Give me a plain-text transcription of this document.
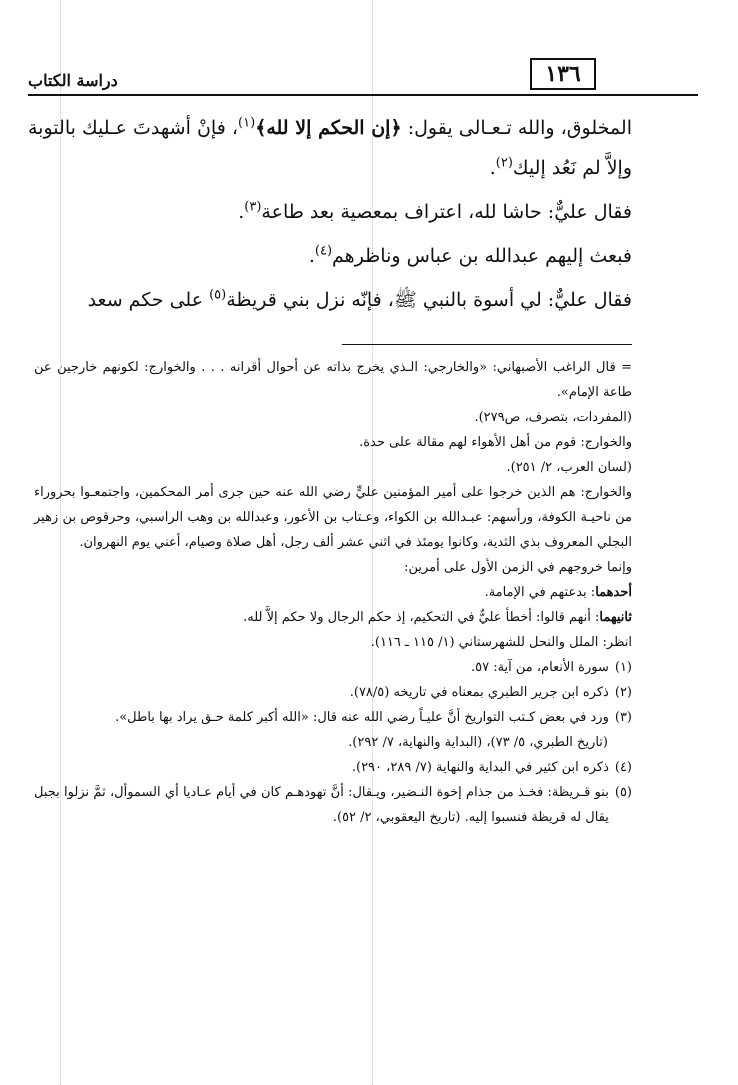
١٣٦
دراسة الكتاب

المخلوق، والله تـعـالى يقول: ﴿إن الحكم إلا لله﴾$^{(١)}$، فإنْ أشهدتَ عـليك بالتوبة وإلاَّ لم نَعُد إليك$^{(٢)}$.

فقال عليٌّ: حاشا لله، اعتراف بمعصية بعد طاعة$^{(٣)}$.

فبعث إليهم عبدالله بن عباس وناظرهم$^{(٤)}$.

فقال عليٌّ: لي أسوة بالنبي ﷺ، فإنّه نزل بني قريظة$^{(٥)}$ على حكم سعد

= قال الراغب الأصبهاني: «والخارجي: الـذي يخرج بذاته عن أحوال أقرانه . . . والخوارج: لكونهم خارجين عن طاعة الإمام».

(المفردات، بتصرف، ص٢٧٩).

والخوارج: قوم من أهل الأهواء لهم مقالة على حدة.

(لسان العرب، ٢/ ٢٥١).

والخوارج: هم الذين خرجوا على أمير المؤمنين عليٍّ رضي الله عنه حين جرى أمر المحكمين، واجتمعـوا بحروراء من ناحيـة الكوفة، ورأسهم: عبـدالله بن الكواء، وعـتاب بن الأعور، وعبدالله بن وهب الراسبي، وحرقوص بن زهير البجلي المعروف بذي الثدية، وكانوا يومئذ في اثني عشر ألف رجل، أهل صلاة وصيام، أعني يوم النهروان.

وإنما خروجهم في الزمن الأول على أمرين:

أحدهما: بدعتهم في الإمامة.

ثانيهما: أنهم قالوا: أخطأ عليٌّ في التحكيم، إذ حكم الرجال ولا حكم إلاَّ لله.

انظر: الملل والنحل للشهرستاني (١/ ١١٥ ـ ١١٦).

(١)
سورة الأنعام، من آية: ٥٧.
(٢)
ذكره ابن جرير الطبري بمعناه في تاريخه (٧٨/٥).
(٣)
ورد في بعض كـتب التواريخ أنَّ عليـاً رضي الله عنه قال: «الله أكبر كلمة حـق يراد بها باطل».

(تاريخ الطبري، ٥/ ٧٣)، (البداية والنهاية، ٧/ ٢٩٢).

(٤)
ذكره ابن كثير في البداية والنهاية (٧/ ٢٨٩، ٢٩٠).
(٥)
بنو قـريظة: فخـذ من جذام إخوة النـضير، ويـقال: أنَّ تهودهـم كان في أيام عـاديا أي السموأل، ثمَّ نزلوا بجبل يقال له قريظة فنسبوا إليه. (تاريخ اليعقوبي، ٢/ ٥٢).
